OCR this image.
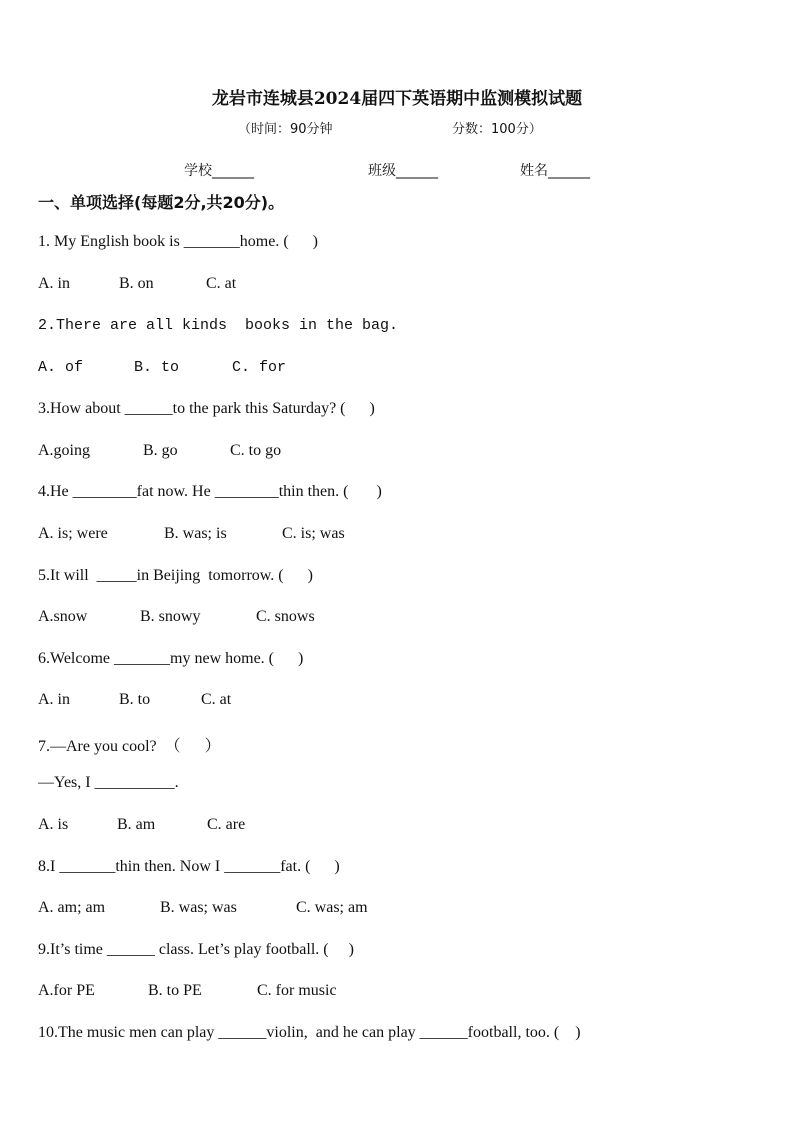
龙岩市连城县2024届四下英语期中监测模拟试题
（时间：90分钟	分数：100分）
学校______	班级______	姓名______
一、单项选择(每题2分,共20分)。
1. My English book is _______home. (      )
A. in	B. on	C. at
2.There are all kinds  books in the bag.
A. of	B. to	C. for
3.How about ______to the park this Saturday? (      )
A.going	B. go	C. to go
4.He ________fat now. He ________thin then. (       )
A. is; were	B. was; is	C. is; was
5.It will  _____in Beijing  tomorrow. (      )
A.snow	B. snowy	C. snows
6.Welcome _______my new home. (      )
A. in	B. to	C. at
7.—Are you cool?  （      ）
—Yes, I __________.
A. is	B. am	C. are
8.I _______thin then. Now I _______fat. (      )
A. am; am	B. was; was	C. was; am
9.It’s time ______ class. Let’s play football. (     )
A.for PE	B. to PE	C. for music
10.The music men can play ______violin,  and he can play ______football, too. (    )
